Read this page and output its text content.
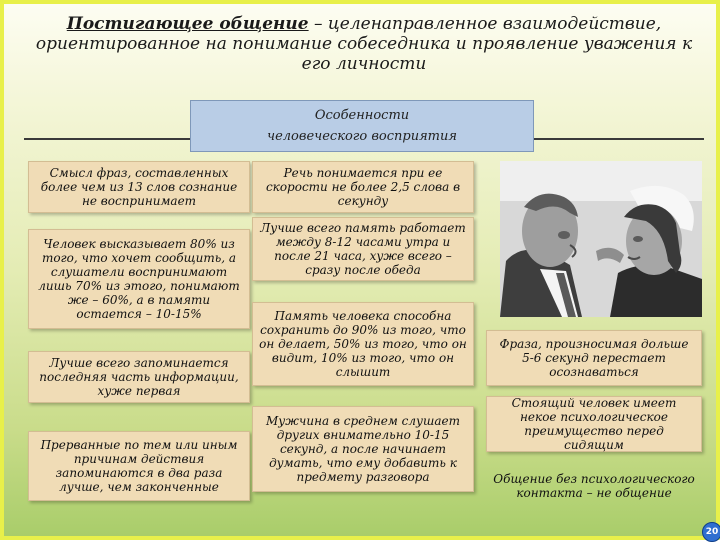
Постигающее общение – целенаправленное взаимодействие, ориентированное на понимание собеседника и проявление уважения к его личности
Особенности
человеческого восприятия
Смысл фраз, составленных более чем из 13 слов сознание не воспринимает
Человек высказывает 80% из того, что хочет сообщить, а слушатели воспринимают лишь 70% из этого, понимают же – 60%, а в памяти остается – 10-15%
Лучше всего запоминается последняя часть информации, хуже первая
Прерванные по тем или иным причинам действия запоминаются в два раза лучше, чем законченные
Речь понимается при ее скорости не более 2,5 слова в секунду
Лучше всего память работает между 8-12 часами утра и после 21 часа, хуже всего – сразу после обеда
Память человека способна сохранить до 90% из того, что он делает, 50% из того, что он видит, 10% из того, что он слышит
Мужчина в среднем слушает других внимательно 10-15 секунд, а после начинает думать, что ему добавить к предмету разговора
Фраза, произносимая дольше 5-6 секунд перестает осознаваться
Стоящий человек имеет некое психологическое преимущество перед сидящим
Общение без психологического контакта – не общение
20
